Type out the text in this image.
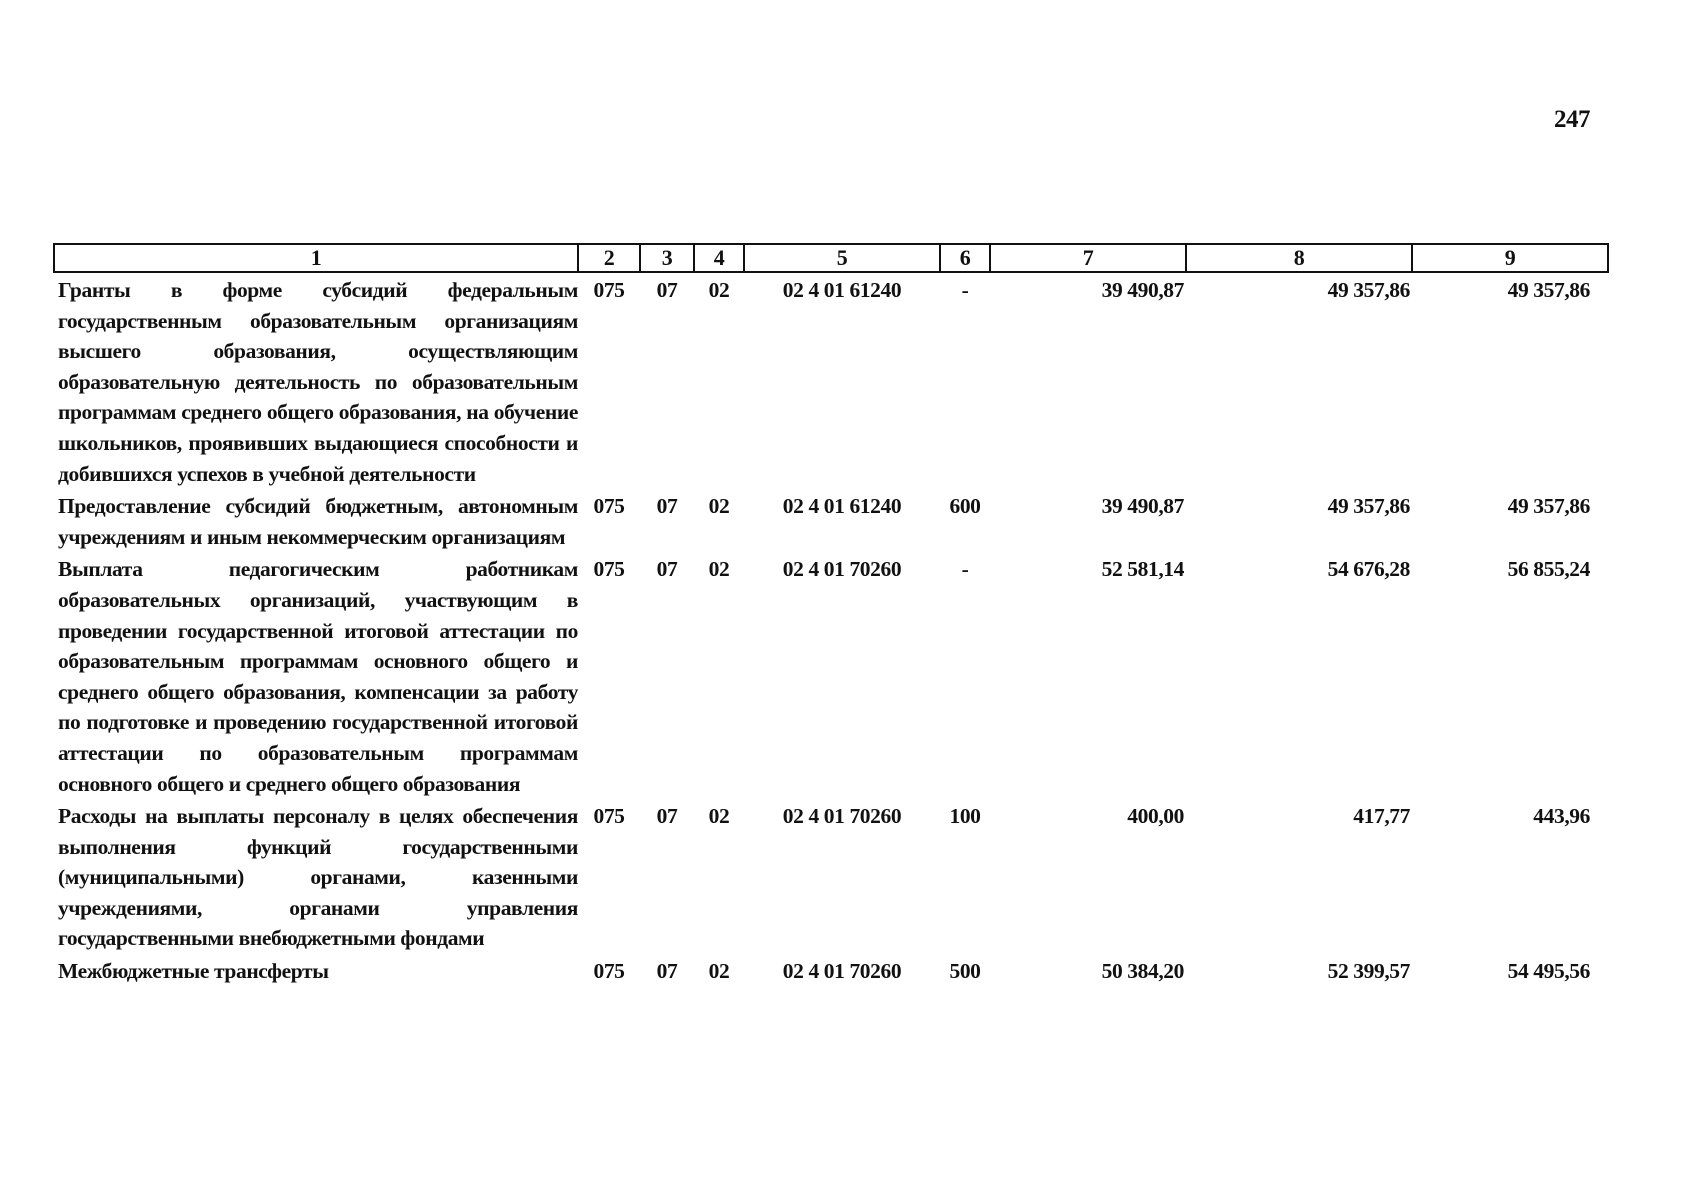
247
1	2	3	4	5	6	7	8	9
Гранты в форме субсидий федеральным государственным образовательным организациям высшего образования, осуществляющим образовательную деятельность по образовательным программам среднего общего образования, на обучение школьников, проявивших выдающиеся способности и добившихся успехов в учебной деятельности	075	07	02	02 4 01 61240	-	39 490,87	49 357,86	49 357,86
Предоставление субсидий бюджетным, автономным учреждениям и иным некоммерческим организациям	075	07	02	02 4 01 61240	600	39 490,87	49 357,86	49 357,86
Выплата педагогическим работникам образовательных организаций, участвующим в проведении государственной итоговой аттестации по образовательным программам основного общего и среднего общего образования, компенсации за работу по подготовке и проведению государственной итоговой аттестации по образовательным программам основного общего и среднего общего образования	075	07	02	02 4 01 70260	-	52 581,14	54 676,28	56 855,24
Расходы на выплаты персоналу в целях обеспечения выполнения функций государственными (муниципальными) органами, казенными учреждениями, органами управления государственными внебюджетными фондами	075	07	02	02 4 01 70260	100	400,00	417,77	443,96
Межбюджетные трансферты	075	07	02	02 4 01 70260	500	50 384,20	52 399,57	54 495,56
